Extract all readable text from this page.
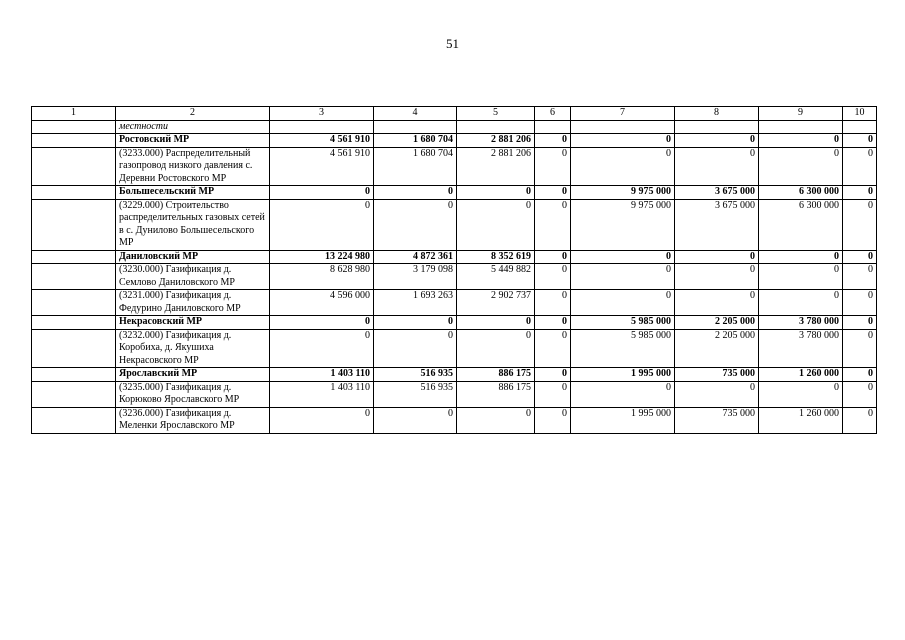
51
1	2	3	4	5	6	7	8	9	10
	местности								
	Ростовский МР	4 561 910	1 680 704	2 881 206	0	0	0	0	0
	(3233.000) Распределительный газопровод низкого давления с. Деревни Ростовского МР	4 561 910	1 680 704	2 881 206	0	0	0	0	0
	Большесельский МР	0	0	0	0	9 975 000	3 675 000	6 300 000	0
	(3229.000) Строительство распределительных газовых сетей в с. Дунилово Большесельского МР	0	0	0	0	9 975 000	3 675 000	6 300 000	0
	Даниловский МР	13 224 980	4 872 361	8 352 619	0	0	0	0	0
	(3230.000) Газификация д. Семлово Даниловского МР	8 628 980	3 179 098	5 449 882	0	0	0	0	0
	(3231.000) Газификация д. Федурино Даниловского МР	4 596 000	1 693 263	2 902 737	0	0	0	0	0
	Некрасовский МР	0	0	0	0	5 985 000	2 205 000	3 780 000	0
	(3232.000) Газификация д. Коробиха, д. Якушиха Некрасовского МР	0	0	0	0	5 985 000	2 205 000	3 780 000	0
	Ярославский МР	1 403 110	516 935	886 175	0	1 995 000	735 000	1 260 000	0
	(3235.000) Газификация д. Корюково Ярославского МР	1 403 110	516 935	886 175	0	0	0	0	0
	(3236.000) Газификация д. Меленки Ярославского МР	0	0	0	0	1 995 000	735 000	1 260 000	0
